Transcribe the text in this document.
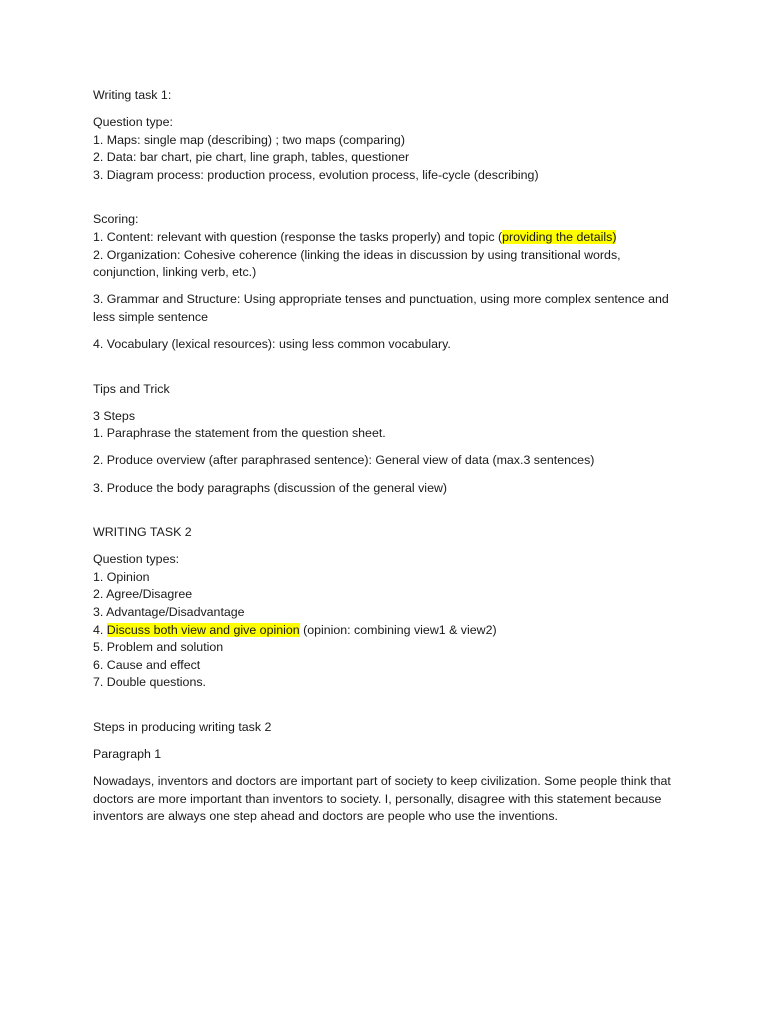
Writing task 1:

Question type:

1. Maps: single map (describing) ; two maps (comparing)

2. Data: bar chart, pie chart, line graph, tables, questioner

3. Diagram process: production process, evolution process, life-cycle (describing)

Scoring:

1. Content: relevant with question (response the tasks properly) and topic (providing the details)

2. Organization: Cohesive coherence (linking the ideas in discussion by using transitional words, conjunction, linking verb, etc.)

3. Grammar and Structure: Using appropriate tenses and punctuation, using more complex sentence and less simple sentence

4. Vocabulary (lexical resources): using less common vocabulary.

Tips and Trick

3 Steps

1. Paraphrase the statement from the question sheet.

2. Produce overview (after paraphrased sentence): General view of data (max.3 sentences)

3. Produce the body paragraphs (discussion of the general view)

WRITING TASK 2

Question types:

1. Opinion

2. Agree/Disagree

3. Advantage/Disadvantage

4. Discuss both view and give opinion (opinion: combining view1 & view2)

5. Problem and solution

6. Cause and effect

7. Double questions.

Steps in producing writing task 2

Paragraph 1

Nowadays, inventors and doctors are important part of society to keep civilization. Some people think that doctors are more important than inventors to society. I, personally, disagree with this statement because inventors are always one step ahead and doctors are people who use the inventions.
